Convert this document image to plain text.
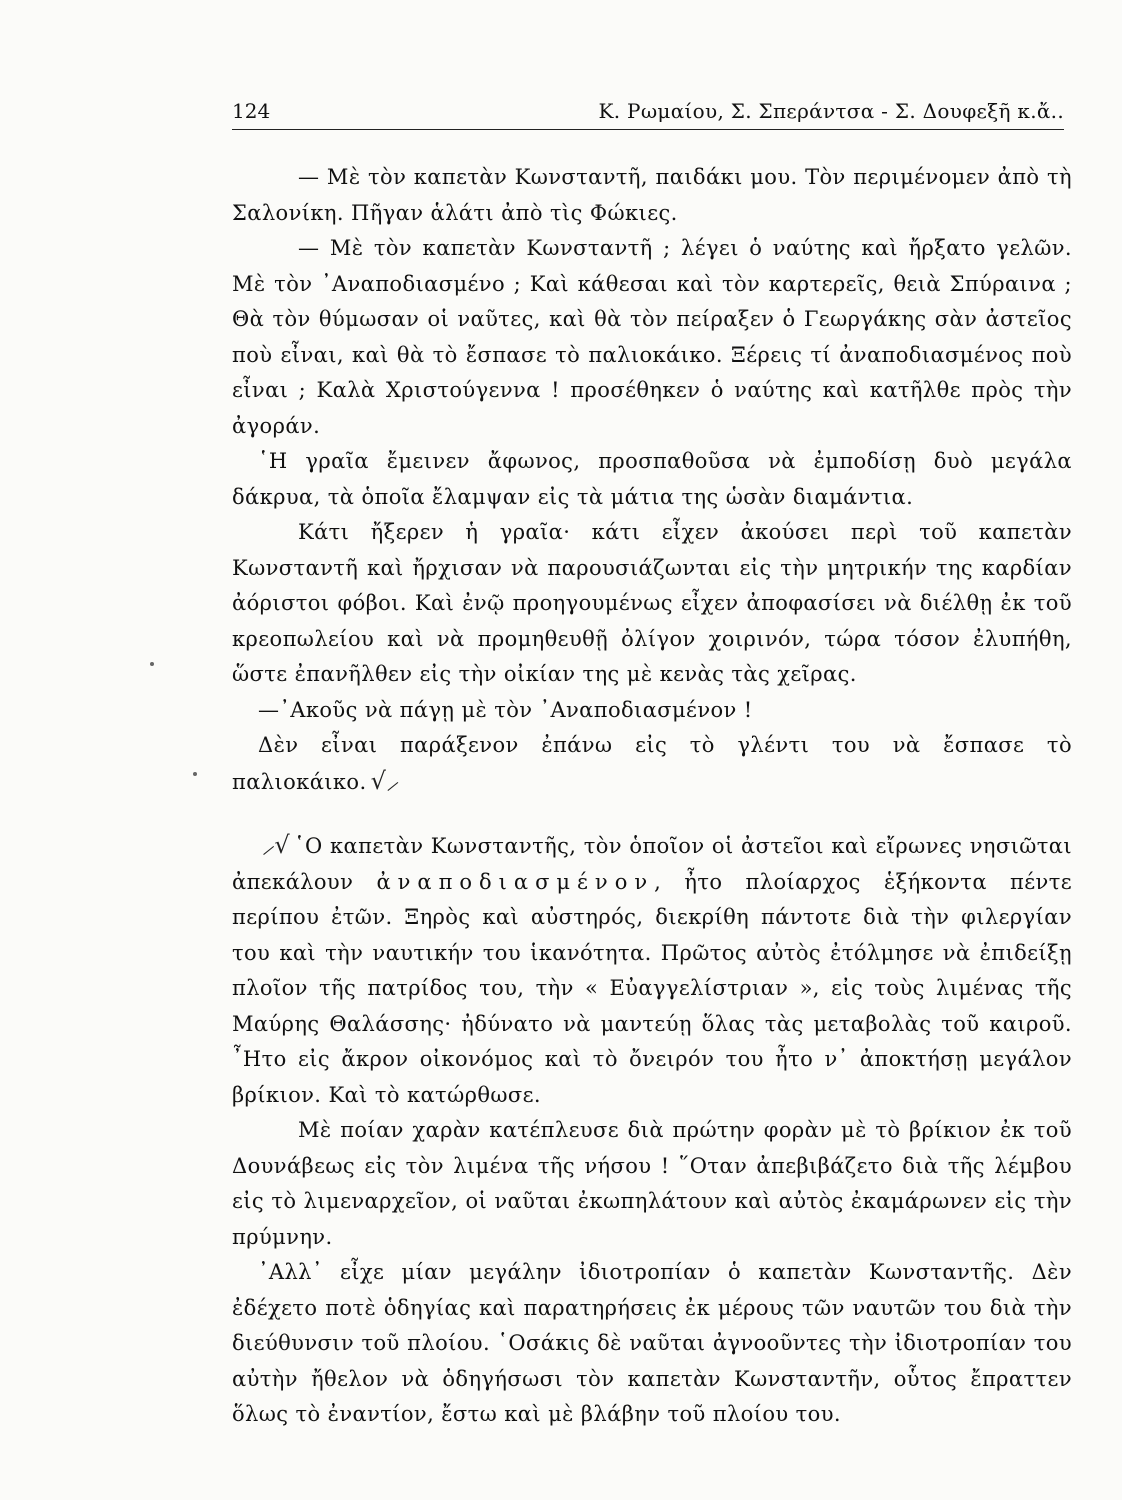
124	Κ. Ρωμαίου, Σ. Σπεράντσα - Σ. Δουφεξῆ κ.ἄ..

— Μὲ τὸν καπετὰν Κωνσταντῆ, παιδάκι μου. Τὸν περιμένομεν ἀπὸ τὴ Σαλονίκη. Πῆγαν ἁλάτι ἀπὸ τὶς Φώκιες.

— Μὲ τὸν καπετὰν Κωνσταντῆ ; λέγει ὁ ναύτης καὶ ἤρξατο γελῶν. Μὲ τὸν ᾿Αναποδιασμένο ; Καὶ κάθεσαι καὶ τὸν καρτερεῖς, θειὰ Σπύραινα ; Θὰ τὸν θύμωσαν οἱ ναῦτες, καὶ θὰ τὸν πείραξεν ὁ Γεωργάκης σὰν ἀστεῖος ποὺ εἶναι, καὶ θὰ τὸ ἔσπασε τὸ παλιοκάικο. Ξέρεις τί ἀναποδιασμένος ποὺ εἶναι ; Καλὰ Χριστούγεννα ! προσέθηκεν ὁ ναύτης καὶ κατῆλθε πρὸς τὴν ἀγοράν.

῾Η γραῖα ἔμεινεν ἄφωνος, προσπαθοῦσα νὰ ἐμποδίσῃ δυὸ μεγάλα δάκρυα, τὰ ὁποῖα ἔλαμψαν εἰς τὰ μάτια της ὡσὰν διαμάντια.

Κάτι ἤξερεν ἡ γραῖα· κάτι εἶχεν ἀκούσει περὶ τοῦ καπετὰν Κωνσταντῆ καὶ ἤρχισαν νὰ παρουσιάζωνται εἰς τὴν μητρικήν της καρδίαν ἀόριστοι φόβοι. Καὶ ἐνῷ προηγουμένως εἶχεν ἀποφασίσει νὰ διέλθῃ ἐκ τοῦ κρεοπωλείου καὶ νὰ προμηθευθῇ ὀλίγον χοιρινόν, τώρα τόσον ἐλυπήθη, ὥστε ἐπανῆλθεν εἰς τὴν οἰκίαν της μὲ κενὰς τὰς χεῖρας.

—᾿Ακοῦς νὰ πάγῃ μὲ τὸν ᾿Αναποδιασμένον !

Δὲν εἶναι παράξενον ἐπάνω εἰς τὸ γλέντι του νὰ ἔσπασε τὸ παλιοκάικο. √⸝

⸝√ ῾Ο καπετὰν Κωνσταντῆς, τὸν ὁποῖον οἱ ἀστεῖοι καὶ εἴρωνες νησιῶται ἀπεκάλουν ἀναποδιασμένον, ἦτο πλοίαρχος ἑξήκοντα πέντε περίπου ἐτῶν. Ξηρὸς καὶ αὐστηρός, διεκρίθη πάντοτε διὰ τὴν φιλεργίαν του καὶ τὴν ναυτικήν του ἱκανότητα. Πρῶτος αὐτὸς ἐτόλμησε νὰ ἐπιδείξῃ πλοῖον τῆς πατρίδος του, τὴν « Εὐαγγελίστριαν », εἰς τοὺς λιμένας τῆς Μαύρης Θαλάσσης· ἠδύνατο νὰ μαντεύῃ ὅλας τὰς μεταβολὰς τοῦ καιροῦ. ῏Ητο εἰς ἄκρον οἰκονόμος καὶ τὸ ὄνειρόν του ἦτο ν᾿ ἀποκτήσῃ μεγάλον βρίκιον. Καὶ τὸ κατώρθωσε.

Μὲ ποίαν χαρὰν κατέπλευσε διὰ πρώτην φορὰν μὲ τὸ βρίκιον ἐκ τοῦ Δουνάβεως εἰς τὸν λιμένα τῆς νήσου ! ῞Οταν ἀπεβιβάζετο διὰ τῆς λέμβου εἰς τὸ λιμεναρχεῖον, οἱ ναῦται ἐκωπηλάτουν καὶ αὐτὸς ἐκαμάρωνεν εἰς τὴν πρύμνην.

᾿Αλλ᾿ εἶχε μίαν μεγάλην ἰδιοτροπίαν ὁ καπετὰν Κωνσταντῆς. Δὲν ἐδέχετο ποτὲ ὁδηγίας καὶ παρατηρήσεις ἐκ μέρους τῶν ναυτῶν του διὰ τὴν διεύθυνσιν τοῦ πλοίου. ῾Οσάκις δὲ ναῦται ἀγνοοῦντες τὴν ἰδιοτροπίαν του αὐτὴν ἤθελον νὰ ὁδηγήσωσι τὸν καπετὰν Κωνσταντῆν, οὗτος ἔπραττεν ὅλως τὸ ἐναντίον, ἔστω καὶ μὲ βλάβην τοῦ πλοίου του.
